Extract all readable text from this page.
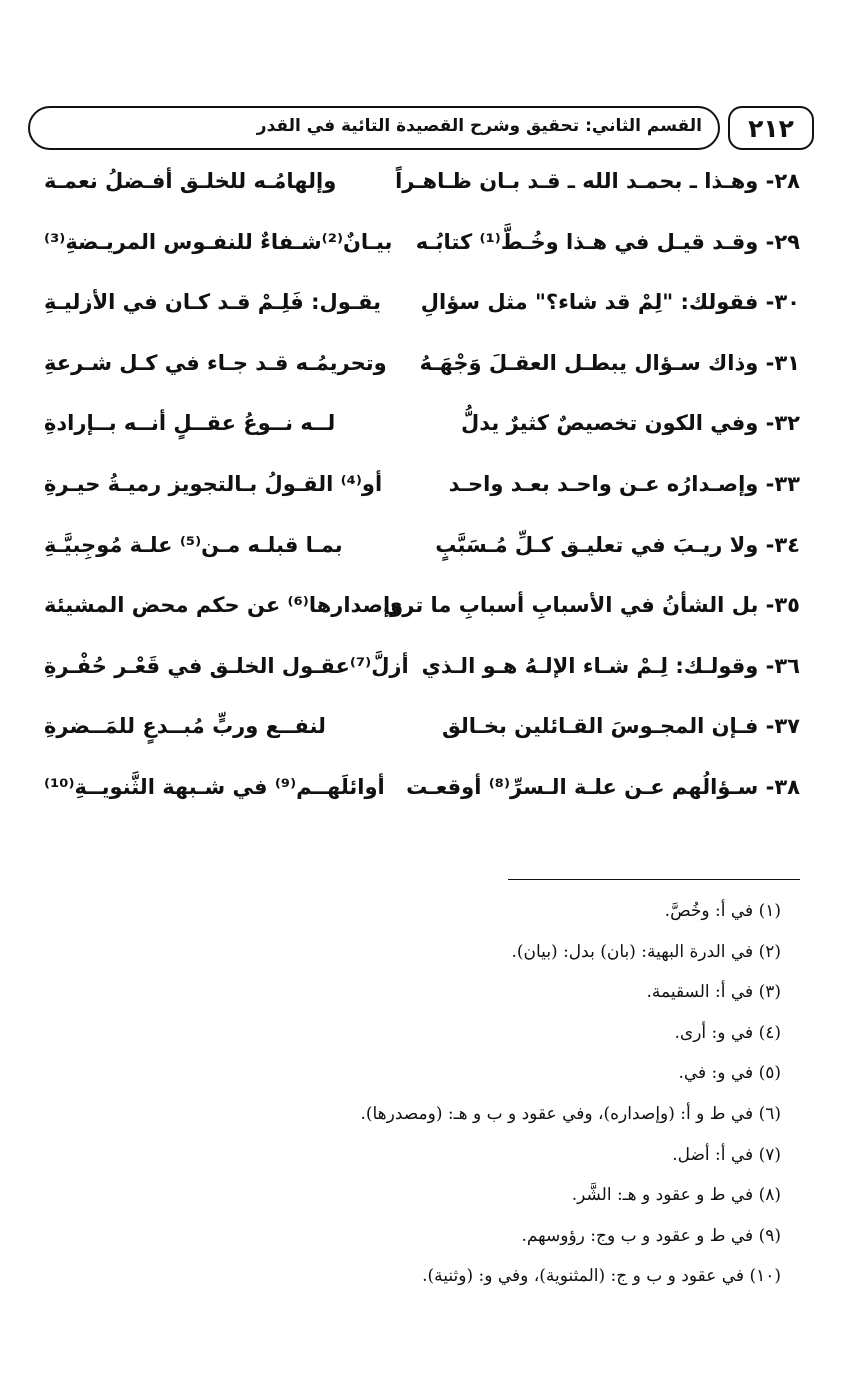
القسم الثاني: تحقيق وشرح القصيدة التائية في القدر	٢١٢
٢٨- وهـذا ـ بحمـد الله ـ قـد بـان ظـاهـراً
وإلهامُـه للخلـق أفـضلُ نعمـة
٢٩- وقـد قيـل في هـذا وخُـطَّ⁽¹⁾ كتابُـه
بيـانٌ⁽²⁾شـفاءٌ للنفـوس المريـضةِ⁽³⁾
٣٠- فقولك: "لِمْ قد شاء؟" مثل سؤالِ
يقـول: فَلِـمْ قـد كـان في الأزليـةِ
٣١- وذاك سـؤال يبطـل العقـلَ وَجْهَـهُ
وتحريمُـه قـد جـاء في كـل شـرعةِ
٣٢- وفي الكون تخصيصٌ كثيرٌ يدلُّ
لــه نــوعُ عقــلٍ أنــه بــإرادةِ
٣٣- وإصـدارُه عـن واحـد بعـد واحـد
أو⁽⁴⁾ القـولُ بـالتجويز رميـةُ حيـرةِ
٣٤- ولا ريـبَ في تعليـق كـلِّ مُـسَبَّبٍ
بمـا قبلـه مـن⁽⁵⁾ علـة مُوجِبيَّـةِ
٣٥- بل الشأنُ في الأسبابِ أسبابِ ما ترى
وإصدارها⁽⁶⁾ عن حكم محض المشيئة
٣٦- وقولـك: لِـمْ شـاء الإلـهُ هـو الـذي
أزلَّ⁽⁷⁾عقـول الخلـق في قَعْـر حُفْـرةِ
٣٧- فـإن المجـوسَ القـائلين بخـالق
لنفــع وربٍّ مُبــدعٍ للمَــضرةِ
٣٨- سـؤالُهم عـن علـة الـسرِّ⁽⁸⁾ أوقعـت
أوائلَهــم⁽⁹⁾ في شـبهة الثَّنويــةِ⁽¹⁰⁾
(١) في أ: وخُصَّ.
(٢) في الدرة البهية: (بان) بدل: (بيان).
(٣) في أ: السقيمة.
(٤) في و: أرى.
(٥) في و: في.
(٦) في ط و أ: (وإصداره)، وفي عقود و ب و هـ: (ومصدرها).
(٧) في أ: أضل.
(٨) في ط و عقود و هـ: الشَّر.
(٩) في ط و عقود و ب وج: رؤوسهم.
(١٠) في عقود و ب و ج: (المثنوية)، وفي و: (وثنية).
